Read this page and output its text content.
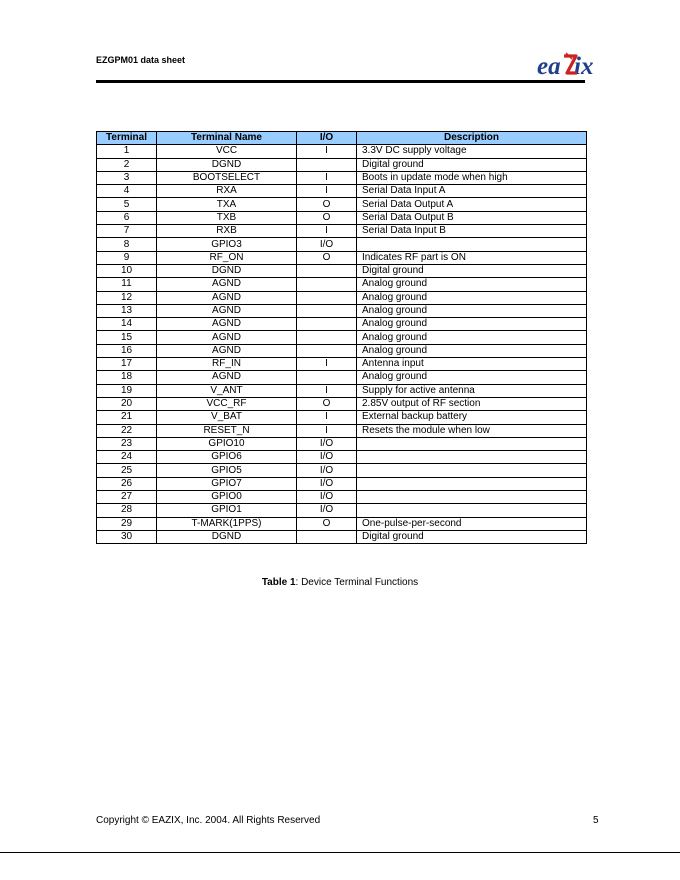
EZGPM01 data sheet	ea ix
Terminal	Terminal Name	I/O	Description
1	VCC	I	3.3V DC supply voltage
2	DGND		Digital ground
3	BOOTSELECT	I	Boots in update mode when high
4	RXA	I	Serial Data Input A
5	TXA	O	Serial Data Output A
6	TXB	O	Serial Data Output B
7	RXB	I	Serial Data Input B
8	GPIO3	I/O	
9	RF_ON	O	Indicates RF part is ON
10	DGND		Digital ground
11	AGND		Analog ground
12	AGND		Analog ground
13	AGND		Analog ground
14	AGND		Analog ground
15	AGND		Analog ground
16	AGND		Analog ground
17	RF_IN	I	Antenna input
18	AGND		Analog ground
19	V_ANT	I	Supply for active antenna
20	VCC_RF	O	2.85V output of RF section
21	V_BAT	I	External backup battery
22	RESET_N	I	Resets the module when low
23	GPIO10	I/O	
24	GPIO6	I/O	
25	GPIO5	I/O	
26	GPIO7	I/O	
27	GPIO0	I/O	
28	GPIO1	I/O	
29	T-MARK(1PPS)	O	One-pulse-per-second
30	DGND		Digital ground
Table 1: Device Terminal Functions
Copyright © EAZIX, Inc. 2004. All Rights Reserved	5
